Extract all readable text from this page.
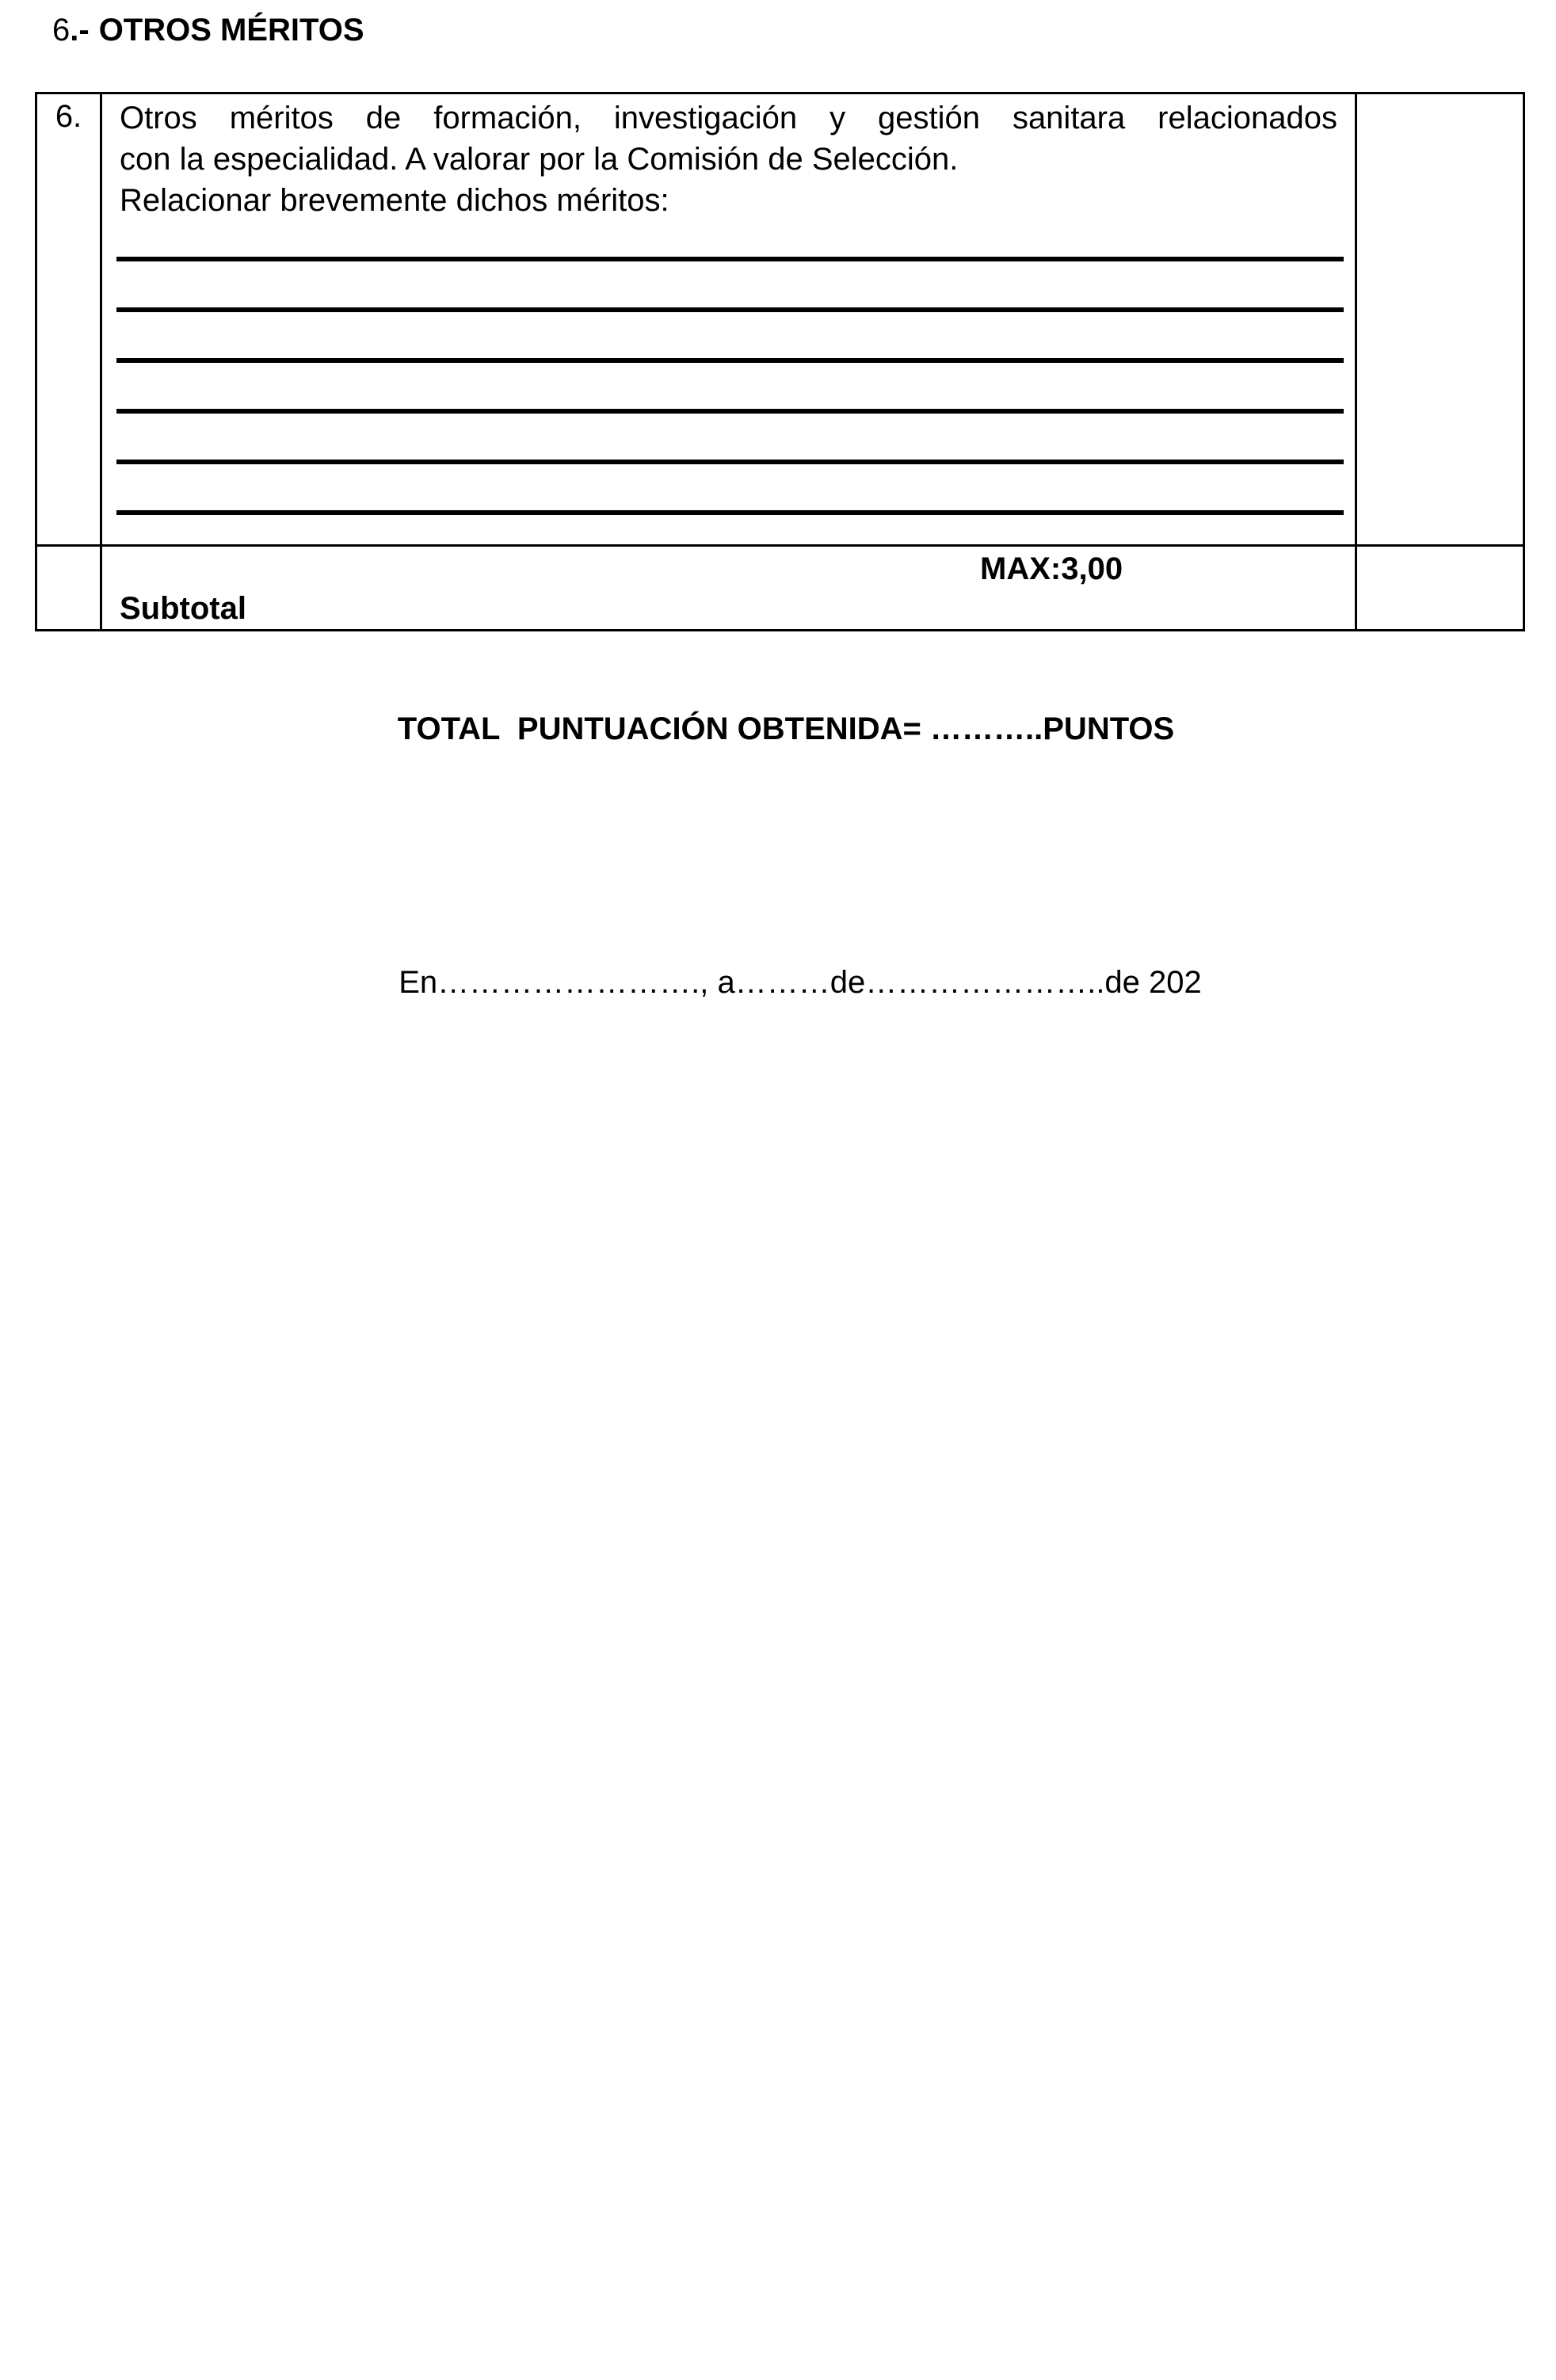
6.- OTROS MÉRITOS
6.	Otros méritos de formación, investigación y gestión sanitara relacionados
con la especialidad. A valorar por la Comisión de Selección.
Relacionar brevemente dichos méritos:	

	MAX:3,00
Subtotal	

TOTAL  PUNTUACIÓN OBTENIDA= ………..PUNTOS
En……………………., a………de…………………..de 202
